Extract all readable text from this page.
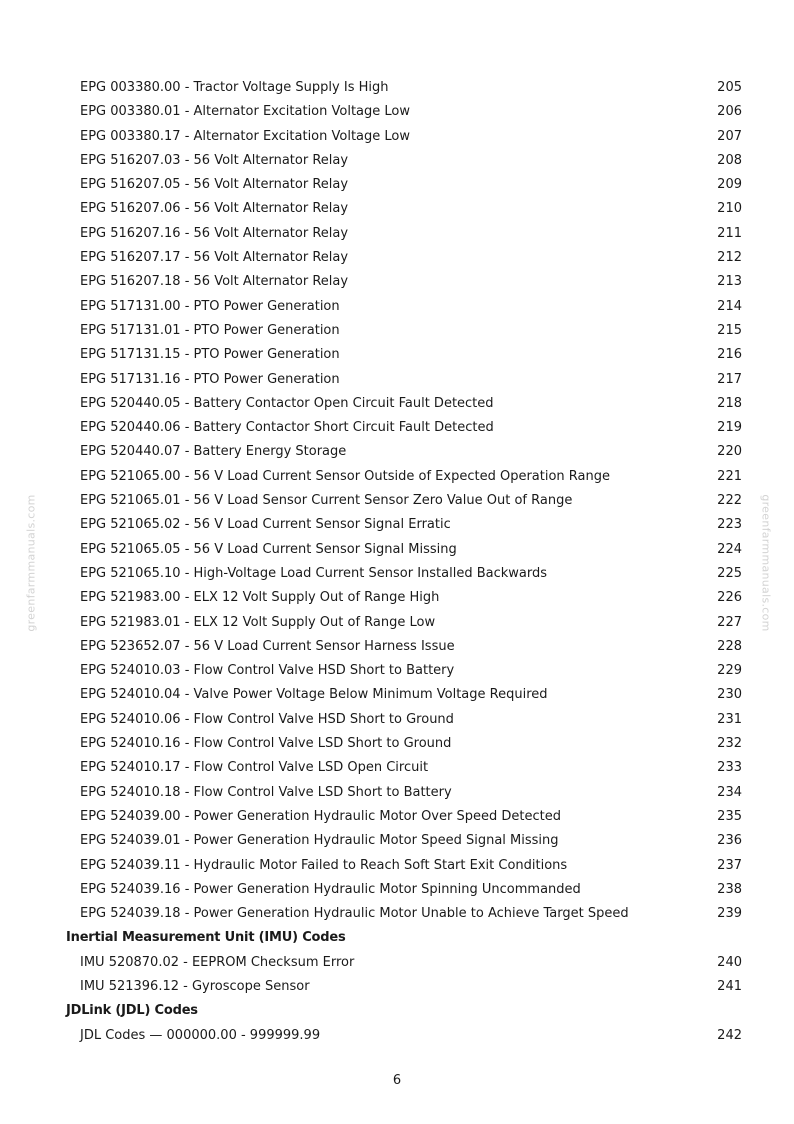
greenfarmmanuals.com	greenfarmmanuals.com
EPG 003380.00 - Tractor Voltage Supply Is High	205
EPG 003380.01 - Alternator Excitation Voltage Low	206
EPG 003380.17 - Alternator Excitation Voltage Low	207
EPG 516207.03 - 56 Volt Alternator Relay	208
EPG 516207.05 - 56 Volt Alternator Relay	209
EPG 516207.06 - 56 Volt Alternator Relay	210
EPG 516207.16 - 56 Volt Alternator Relay	211
EPG 516207.17 - 56 Volt Alternator Relay	212
EPG 516207.18 - 56 Volt Alternator Relay	213
EPG 517131.00 - PTO Power Generation	214
EPG 517131.01 - PTO Power Generation	215
EPG 517131.15 - PTO Power Generation	216
EPG 517131.16 - PTO Power Generation	217
EPG 520440.05 - Battery Contactor Open Circuit Fault Detected	218
EPG 520440.06 - Battery Contactor Short Circuit Fault Detected	219
EPG 520440.07 - Battery Energy Storage	220
EPG 521065.00 - 56 V Load Current Sensor Outside of Expected Operation Range	221
EPG 521065.01 - 56 V Load Sensor Current Sensor Zero Value Out of Range	222
EPG 521065.02 - 56 V Load Current Sensor Signal Erratic	223
EPG 521065.05 - 56 V Load Current Sensor Signal Missing	224
EPG 521065.10 - High-Voltage Load Current Sensor Installed Backwards	225
EPG 521983.00 - ELX 12 Volt Supply Out of Range High	226
EPG 521983.01 - ELX 12 Volt Supply Out of Range Low	227
EPG 523652.07 - 56 V Load Current Sensor Harness Issue	228
EPG 524010.03 - Flow Control Valve HSD Short to Battery	229
EPG 524010.04 - Valve Power Voltage Below Minimum Voltage Required	230
EPG 524010.06 - Flow Control Valve HSD Short to Ground	231
EPG 524010.16 - Flow Control Valve LSD Short to Ground	232
EPG 524010.17 - Flow Control Valve LSD Open Circuit	233
EPG 524010.18 - Flow Control Valve LSD Short to Battery	234
EPG 524039.00 - Power Generation Hydraulic Motor Over Speed Detected	235
EPG 524039.01 - Power Generation Hydraulic Motor Speed Signal Missing	236
EPG 524039.11 - Hydraulic Motor Failed to Reach Soft Start Exit Conditions	237
EPG 524039.16 - Power Generation Hydraulic Motor Spinning Uncommanded	238
EPG 524039.18 - Power Generation Hydraulic Motor Unable to Achieve Target Speed	239
Inertial Measurement Unit (IMU) Codes
IMU 520870.02 - EEPROM Checksum Error	240
IMU 521396.12 - Gyroscope Sensor	241
JDLink (JDL) Codes
JDL Codes — 000000.00 - 999999.99	242
6
